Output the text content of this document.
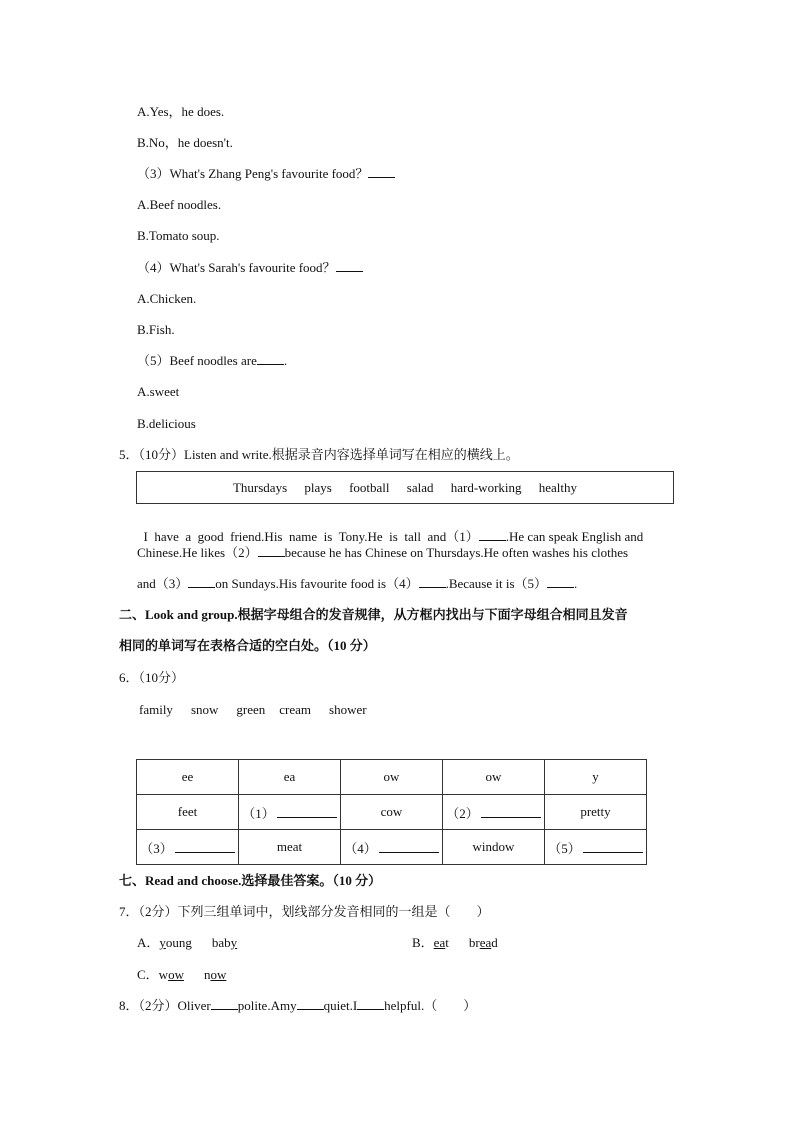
A.Yes，he does.
B.No，he doesn't.
（3）What's Zhang Peng's favourite food？
A.Beef noodles.
B.Tomato soup.
（4）What's Sarah's favourite food？
A.Chicken.
B.Fish.
（5）Beef noodles are .
A.sweet
B.delicious
5．（10分）Listen and write.根据录音内容选择单词写在相应的横线上。
Thursdays plays football salad hard-working healthy

I  have  a  good  friend.His  name  is  Tony.He  is  tall  and（1） .He can speak English and

Chinese.He likes（2） because he has Chinese on Thursdays.He often washes his clothes
and（3） on Sundays.His favourite food is（4） .Because it is（5） .
二、Look and group.根据字母组合的发音规律，从方框内找出与下面字母组合相同且发音
相同的单词写在表格合适的空白处。（10 分）
6．（10分）
family snow green cream shower
ee	ea	ow	ow	y
feet	（1）	cow	（2）	pretty
（3）	meat	（4）	window	（5）
七、Read and choose.选择最佳答案。（10 分）
7．（2分）下列三组单词中，划线部分发音相同的一组是（　　）
A．young baby	B．eat bread
C．wow now
8．（2分）Oliver polite.Amy quiet.I helpful.（　　）
